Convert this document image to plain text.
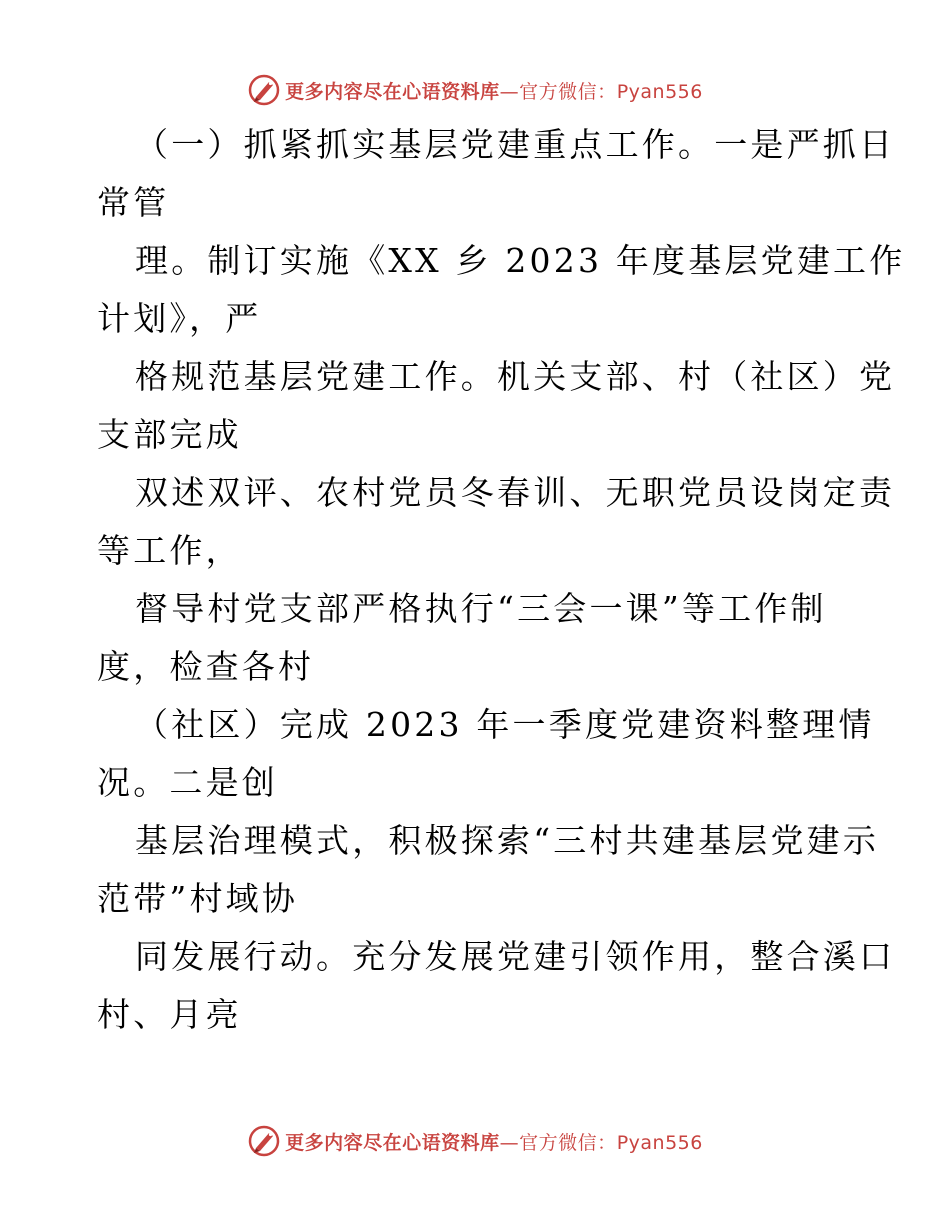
更多内容尽在心语资料库—官方微信：Pyan556
（一）抓紧抓实基层党建重点工作。一是严抓日
常管
理。制订实施《XX 乡 2023 年度基层党建工作
计划》，严
格规范基层党建工作。机关支部、村（社区）党
支部完成
双述双评、农村党员冬春训、无职党员设岗定责
等工作，
督导村党支部严格执行“三会一课”等工作制
度，检查各村
（社区）完成 2023 年一季度党建资料整理情
况。二是创
基层治理模式，积极探索“三村共建基层党建示
范带”村域协
同发展行动。充分发展党建引领作用，整合溪口
村、月亮
更多内容尽在心语资料库—官方微信：Pyan556
